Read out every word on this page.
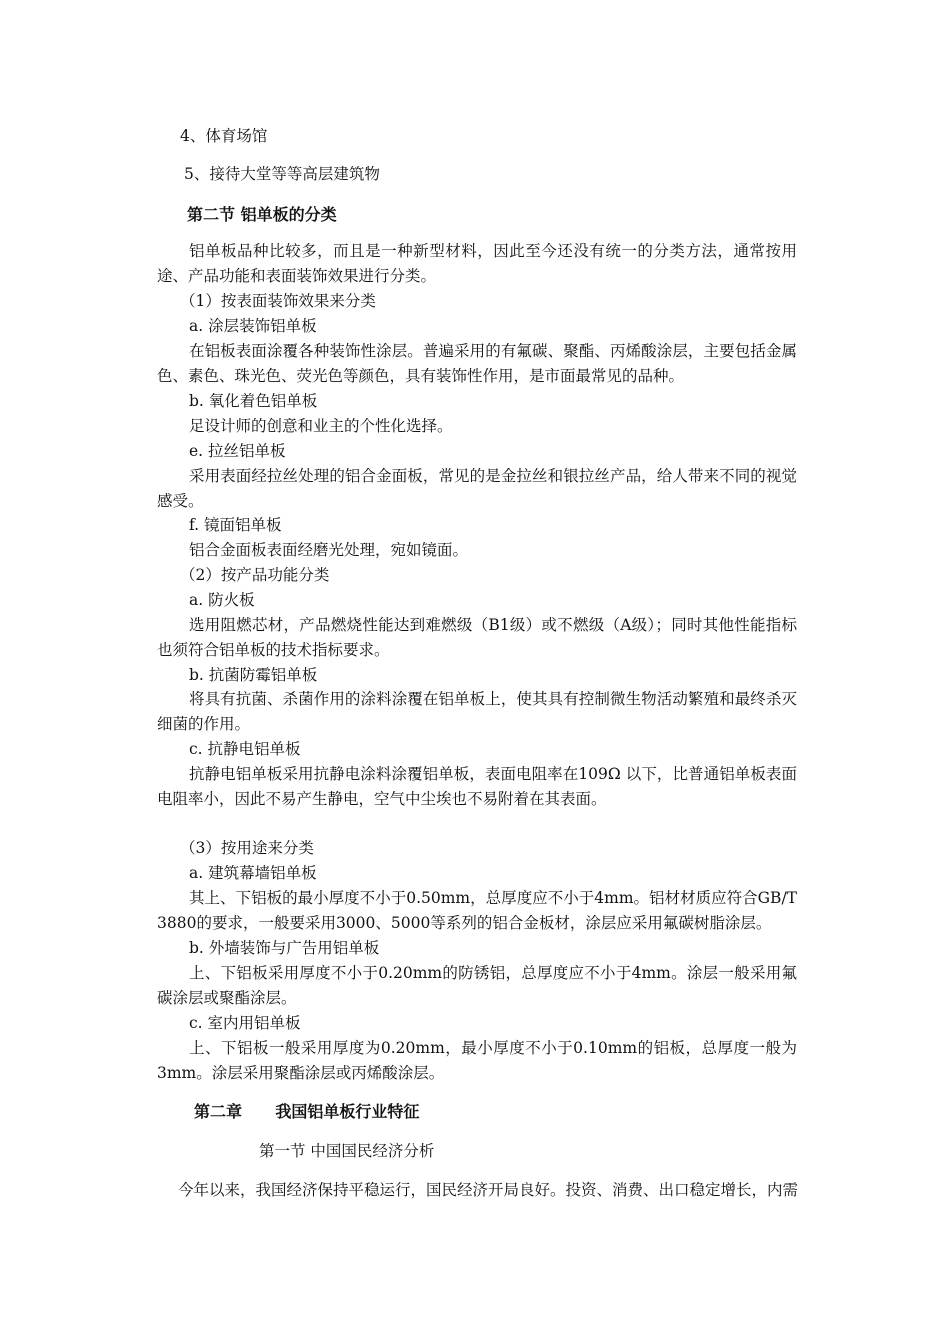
4、体育场馆
5、接待大堂等等高层建筑物
第二节 铝单板的分类
铝单板品种比较多，而且是一种新型材料，因此至今还没有统一的分类方法，通常按用途、产品功能和表面装饰效果进行分类。
（1）按表面装饰效果来分类
a. 涂层装饰铝单板
在铝板表面涂覆各种装饰性涂层。普遍采用的有氟碳、聚酯、丙烯酸涂层，主要包括金属色、素色、珠光色、荧光色等颜色，具有装饰性作用，是市面最常见的品种。
b. 氧化着色铝单板
足设计师的创意和业主的个性化选择。
e. 拉丝铝单板
采用表面经拉丝处理的铝合金面板，常见的是金拉丝和银拉丝产品，给人带来不同的视觉感受。
f. 镜面铝单板
铝合金面板表面经磨光处理，宛如镜面。
（2）按产品功能分类
a. 防火板
选用阻燃芯材，产品燃烧性能达到难燃级（B1级）或不燃级（A级）；同时其他性能指标也须符合铝单板的技术指标要求。
b. 抗菌防霉铝单板
将具有抗菌、杀菌作用的涂料涂覆在铝单板上，使其具有控制微生物活动繁殖和最终杀灭细菌的作用。
c. 抗静电铝单板
抗静电铝单板采用抗静电涂料涂覆铝单板，表面电阻率在109Ω 以下，比普通铝单板表面电阻率小，因此不易产生静电，空气中尘埃也不易附着在其表面。
（3）按用途来分类
a. 建筑幕墙铝单板
其上、下铝板的最小厚度不小于0.50mm，总厚度应不小于4mm。铝材材质应符合GB/T 3880的要求，一般要采用3000、5000等系列的铝合金板材，涂层应采用氟碳树脂涂层。
b. 外墙装饰与广告用铝单板
上、下铝板采用厚度不小于0.20mm的防锈铝，总厚度应不小于4mm。涂层一般采用氟碳涂层或聚酯涂层。
c. 室内用铝单板
上、下铝板一般采用厚度为0.20mm，最小厚度不小于0.10mm的铝板，总厚度一般为3mm。涂层采用聚酯涂层或丙烯酸涂层。
第二章      我国铝单板行业特征
第一节 中国国民经济分析
今年以来，我国经济保持平稳运行，国民经济开局良好。投资、消费、出口稳定增长，内需
